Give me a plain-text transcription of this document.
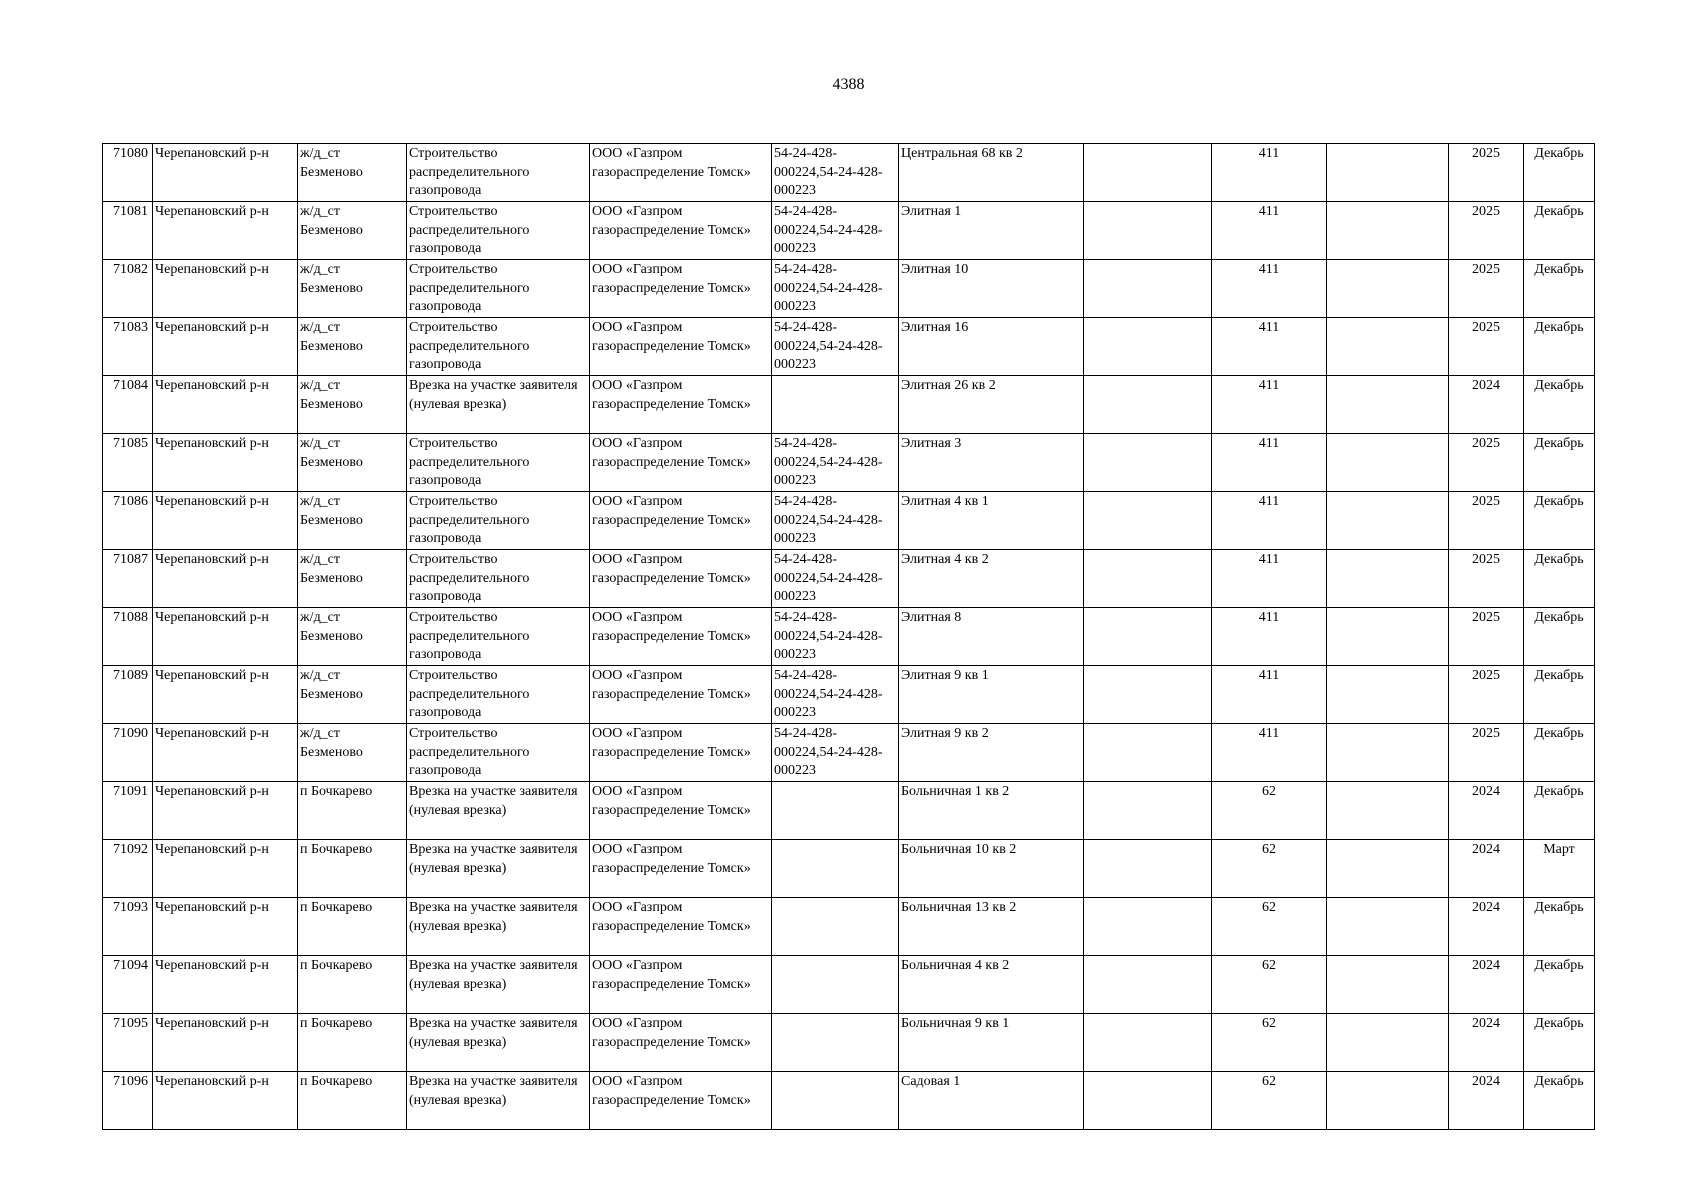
4388
71080	Черепановский р-н	ж/д_ст Безменово	Строительство распределительного газопровода	ООО «Газпром газораспределение Томск»	54-24-428-000224,54-24-428-000223	Центральная 68 кв 2		411		2025	Декабрь
71081	Черепановский р-н	ж/д_ст Безменово	Строительство распределительного газопровода	ООО «Газпром газораспределение Томск»	54-24-428-000224,54-24-428-000223	Элитная 1		411		2025	Декабрь
71082	Черепановский р-н	ж/д_ст Безменово	Строительство распределительного газопровода	ООО «Газпром газораспределение Томск»	54-24-428-000224,54-24-428-000223	Элитная 10		411		2025	Декабрь
71083	Черепановский р-н	ж/д_ст Безменово	Строительство распределительного газопровода	ООО «Газпром газораспределение Томск»	54-24-428-000224,54-24-428-000223	Элитная 16		411		2025	Декабрь
71084	Черепановский р-н	ж/д_ст Безменово	Врезка на участке заявителя (нулевая врезка)	ООО «Газпром газораспределение Томск»		Элитная 26 кв 2		411		2024	Декабрь
71085	Черепановский р-н	ж/д_ст Безменово	Строительство распределительного газопровода	ООО «Газпром газораспределение Томск»	54-24-428-000224,54-24-428-000223	Элитная 3		411		2025	Декабрь
71086	Черепановский р-н	ж/д_ст Безменово	Строительство распределительного газопровода	ООО «Газпром газораспределение Томск»	54-24-428-000224,54-24-428-000223	Элитная 4 кв 1		411		2025	Декабрь
71087	Черепановский р-н	ж/д_ст Безменово	Строительство распределительного газопровода	ООО «Газпром газораспределение Томск»	54-24-428-000224,54-24-428-000223	Элитная 4 кв 2		411		2025	Декабрь
71088	Черепановский р-н	ж/д_ст Безменово	Строительство распределительного газопровода	ООО «Газпром газораспределение Томск»	54-24-428-000224,54-24-428-000223	Элитная 8		411		2025	Декабрь
71089	Черепановский р-н	ж/д_ст Безменово	Строительство распределительного газопровода	ООО «Газпром газораспределение Томск»	54-24-428-000224,54-24-428-000223	Элитная 9 кв 1		411		2025	Декабрь
71090	Черепановский р-н	ж/д_ст Безменово	Строительство распределительного газопровода	ООО «Газпром газораспределение Томск»	54-24-428-000224,54-24-428-000223	Элитная 9 кв 2		411		2025	Декабрь
71091	Черепановский р-н	п Бочкарево	Врезка на участке заявителя (нулевая врезка)	ООО «Газпром газораспределение Томск»		Больничная 1 кв 2		62		2024	Декабрь
71092	Черепановский р-н	п Бочкарево	Врезка на участке заявителя (нулевая врезка)	ООО «Газпром газораспределение Томск»		Больничная 10 кв 2		62		2024	Март
71093	Черепановский р-н	п Бочкарево	Врезка на участке заявителя (нулевая врезка)	ООО «Газпром газораспределение Томск»		Больничная 13 кв 2		62		2024	Декабрь
71094	Черепановский р-н	п Бочкарево	Врезка на участке заявителя (нулевая врезка)	ООО «Газпром газораспределение Томск»		Больничная 4 кв 2		62		2024	Декабрь
71095	Черепановский р-н	п Бочкарево	Врезка на участке заявителя (нулевая врезка)	ООО «Газпром газораспределение Томск»		Больничная 9 кв 1		62		2024	Декабрь
71096	Черепановский р-н	п Бочкарево	Врезка на участке заявителя (нулевая врезка)	ООО «Газпром газораспределение Томск»		Садовая 1		62		2024	Декабрь
